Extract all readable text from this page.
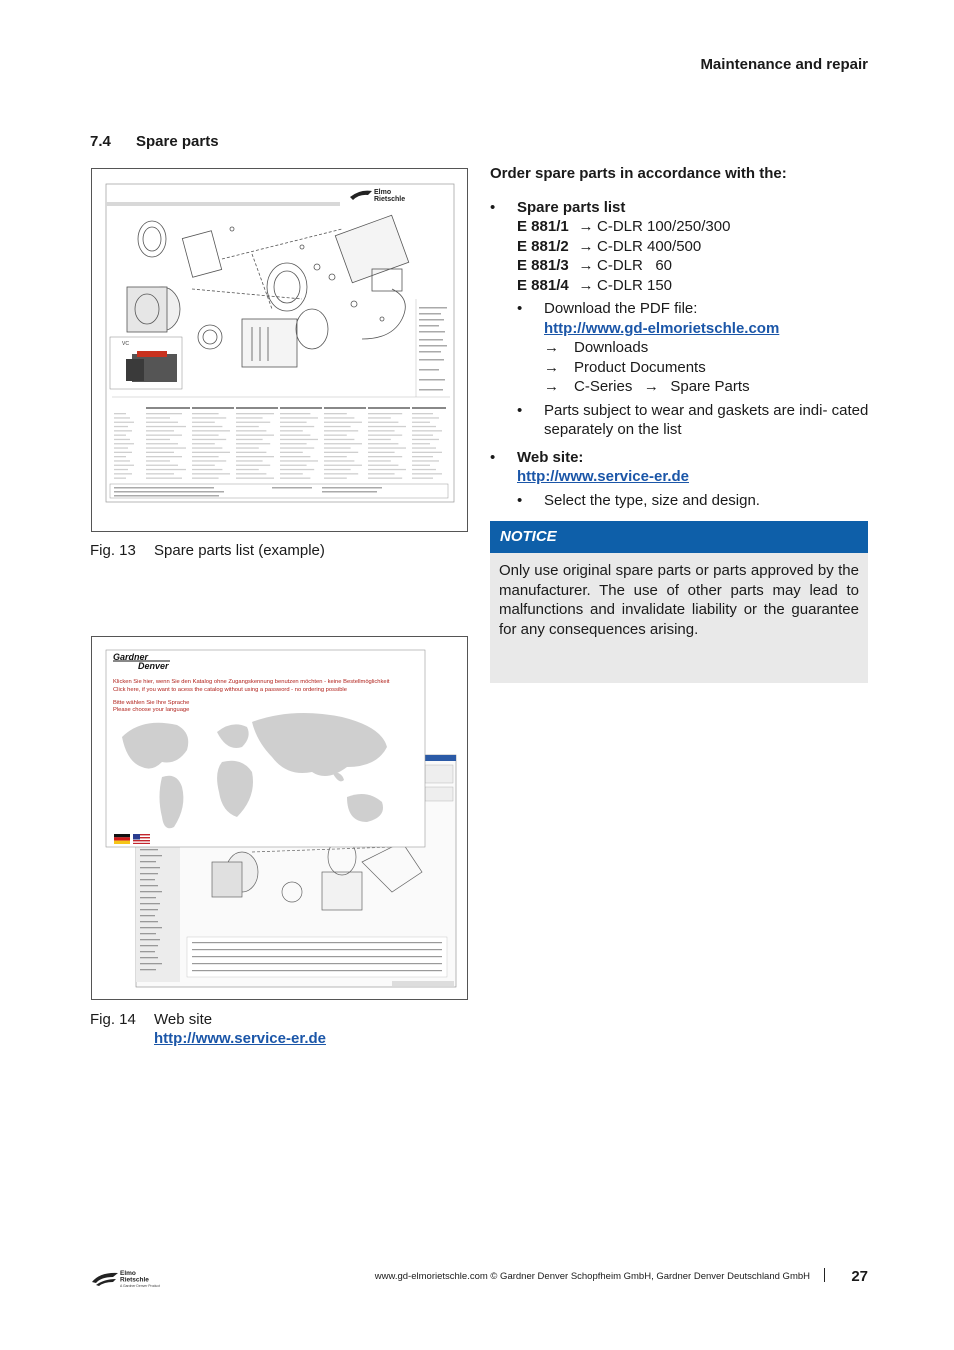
Maintenance and repair
7.4 Spare parts
Elmo
Rietschle
VC
Fig. 13 Spare parts list (example)
Gardner
Denver
Klicken Sie hier, wenn Sie den Katalog ohne Zugangskennung benutzen möchten - keine Bestellmöglichkeit
Click here, if you want to acess the catalog without using a password - no ordering possible
Bitte wählen Sie Ihre Sprache
Please choose your language
Fig. 14 Web site
http://www.service-er.de

Order spare parts in accordance with the:

• Spare parts list
E 881/1 → C-DLR 100/250/300
E 881/2 → C-DLR 400/500
E 881/3 → C-DLR   60
E 881/4 → C-DLR 150
• Download the PDF file:
http://www.gd-elmorietschle.com
→ Downloads
→ Product Documents
→ C-Series → Spare Parts
• Parts subject to wear and gaskets are indi- cated separately on the list
• Web site:
http://www.service-er.de
• Select the type, size and design.
NOTICE
Only use original spare parts or parts approved by the manufacturer. The use of other parts may lead to malfunctions and invalidate liability or the guarantee for any consequences arising.
Elmo
Rietschle
A Gardner Denver Product
www.gd-elmorietschle.com © Gardner Denver Schopfheim GmbH, Gardner Denver Deutschland GmbH	27
